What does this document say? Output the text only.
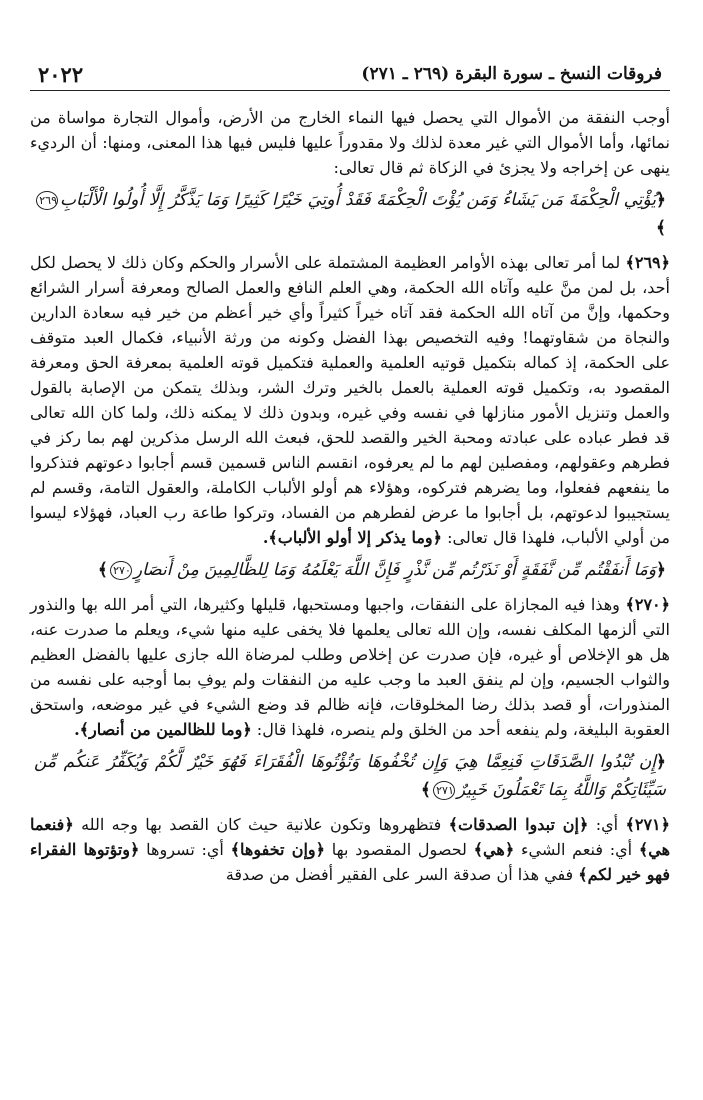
٢٠٢٢	فروقات النسخ ـ سورة البقرة (٢٦٩ ـ ٢٧١)

أوجب النفقة من الأموال التي يحصل فيها النماء الخارج من الأرض، وأموال التجارة مواساة من نمائها، وأما الأموال التي غير معدة لذلك ولا مقدوراً عليها فليس فيها هذا المعنى، ومنها: أن الرديء ينهى عن إخراجه ولا يجزئ في الزكاة ثم قال تعالى:

﴿يُؤْتِي الْحِكْمَةَ مَن يَشَاءُ وَمَن يُؤْتَ الْحِكْمَةَ فَقَدْ أُوتِيَ خَيْرًا كَثِيرًا وَمَا يَذَّكَّرُ إِلَّا أُولُوا الْأَلْبَابِ٢٦٩﴾

﴿٢٦٩﴾ لما أمر تعالى بهذه الأوامر العظيمة المشتملة على الأسرار والحكم وكان ذلك لا يحصل لكل أحد، بل لمن منَّ عليه وآتاه الله الحكمة، وهي العلم النافع والعمل الصالح ومعرفة أسرار الشرائع وحكمها، وإنَّ من آتاه الله الحكمة فقد آتاه خيراً كثيراً وأي خير أعظم من خير فيه سعادة الدارين والنجاة من شقاوتهما! وفيه التخصيص بهذا الفضل وكونه من ورثة الأنبياء، فكمال العبد متوقف على الحكمة، إذ كماله بتكميل قوتيه العلمية والعملية فتكميل قوته العلمية بمعرفة الحق ومعرفة المقصود به، وتكميل قوته العملية بالعمل بالخير وترك الشر، وبذلك يتمكن من الإصابة بالقول والعمل وتنزيل الأمور منازلها في نفسه وفي غيره، وبدون ذلك لا يمكنه ذلك، ولما كان الله تعالى قد فطر عباده على عبادته ومحبة الخير والقصد للحق، فبعث الله الرسل مذكرين لهم بما ركز في فطرهم وعقولهم، ومفصلين لهم ما لم يعرفوه، انقسم الناس قسمين قسم أجابوا دعوتهم فتذكروا ما ينفعهم ففعلوا، وما يضرهم فتركوه، وهؤلاء هم أولو الألباب الكاملة، والعقول التامة، وقسم لم يستجيبوا لدعوتهم، بل أجابوا ما عرض لفطرهم من الفساد، وتركوا طاعة رب العباد، فهؤلاء ليسوا من أولي الألباب، فلهذا قال تعالى: ﴿وما يذكر إلا أولو الألباب﴾.

﴿وَمَا أَنفَقْتُم مِّن نَّفَقَةٍ أَوْ نَذَرْتُم مِّن نَّذْرٍ فَإِنَّ اللَّهَ يَعْلَمُهُ وَمَا لِلظَّالِمِينَ مِنْ أَنصَارٍ٢٧٠﴾

﴿٢٧٠﴾ وهذا فيه المجازاة على النفقات، واجبها ومستحبها، قليلها وكثيرها، التي أمر الله بها والنذور التي ألزمها المكلف نفسه، وإن الله تعالى يعلمها فلا يخفى عليه منها شيء، ويعلم ما صدرت عنه، هل هو الإخلاص أو غيره، فإن صدرت عن إخلاص وطلب لمرضاة الله جازى عليها بالفضل العظيم والثواب الجسيم، وإن لم ينفق العبد ما وجب عليه من النفقات ولم يوفِ بما أوجبه على نفسه من المنذورات، أو قصد بذلك رضا المخلوقات، فإنه ظالم قد وضع الشيء في غير موضعه، واستحق العقوبة البليغة، ولم ينفعه أحد من الخلق ولم ينصره، فلهذا قال: ﴿وما للظالمين من أنصار﴾.

﴿إِن تُبْدُوا الصَّدَقَاتِ فَنِعِمَّا هِيَ وَإِن تُخْفُوهَا وَتُؤْتُوهَا الْفُقَرَاءَ فَهُوَ خَيْرٌ لَّكُمْ وَيُكَفِّرُ عَنكُم مِّن سَيِّئَاتِكُمْ وَاللَّهُ بِمَا تَعْمَلُونَ خَبِيرٌ٢٧١﴾

﴿٢٧١﴾ أي: ﴿إن تبدوا الصدقات﴾ فتظهروها وتكون علانية حيث كان القصد بها وجه الله ﴿فنعما هي﴾ أي: فنعم الشيء ﴿هي﴾ لحصول المقصود بها ﴿وإن تخفوها﴾ أي: تسروها ﴿وتؤتوها الفقراء فهو خير لكم﴾ ففي هذا أن صدقة السر على الفقير أفضل من صدقة
